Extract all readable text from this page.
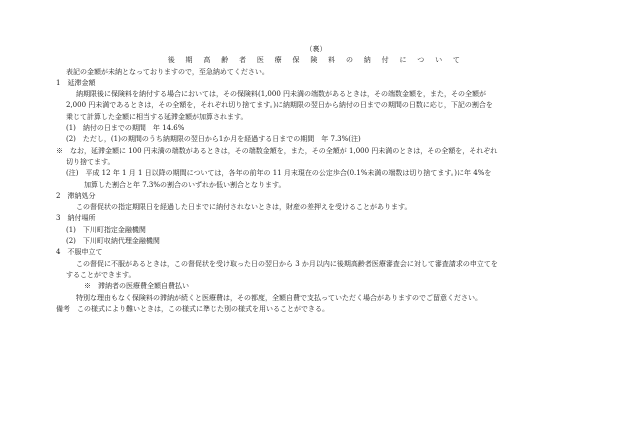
（裏）
後 期 高 齢 者 医 療 保 険 料 の 納 付 に つ い て
表記の金額が未納となっておりますので，至急納めてください。
1　延滞金額
納期限後に保険料を納付する場合においては，その保険料(1,000 円未満の端数があるときは，その端数金額を，また，その全額が
2,000 円未満であるときは，その全額を，それぞれ切り捨てます。)に納期限の翌日から納付の日までの期間の日数に応じ，下記の割合を
乗じて計算した金額に相当する延滞金額が加算されます。
(1)　納付の日までの期間　年 14.6%
(2)　ただし，(1)の期間のうち納期限の翌日から1か月を経過する日までの期間　年 7.3%(注)
※　なお，延滞金額に 100 円未満の端数があるときは，その端数金額を，また，その全額が 1,000 円未満のときは，その全額を，それぞれ
切り捨てます。
(注)　平成 12 年 1 月 1 日以降の期間については，各年の前年の 11 月末現在の公定歩合(0.1%未満の端数は切り捨てます。)に年 4%を
加算した割合と年 7.3%の割合のいずれか低い割合となります。
2　滞納処分
この督促状の指定期限日を経過した日までに納付されないときは，財産の差押えを受けることがあります。
3　納付場所
(1)　下川町指定金融機関
(2)　下川町収納代理金融機関
4　不服申立て
この督促に不服があるときは，この督促状を受け取った日の翌日から 3 か月以内に後期高齢者医療審査会に対して審査請求の申立てを
することができます。
※　滞納者の医療費全額自費払い
特別な理由もなく保険料の滞納が続くと医療費は，その都度，全額自費で支払っていただく場合がありますのでご留意ください。
備考　この様式により難いときは，この様式に準じた別の様式を用いることができる。
